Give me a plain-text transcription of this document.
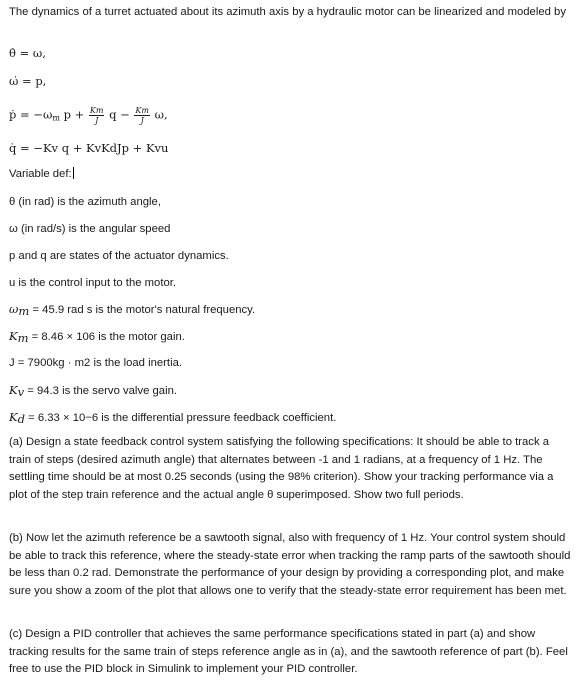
The dynamics of a turret actuated about its azimuth axis by a hydraulic motor can be linearized and modeled by
θ̇ = ω,
ω̇ = p,
ṗ = $-\omega_m$ $p + \frac{Km}{J}$ $q - \frac{Km}{J} \omega$,
q̇ = −Kv q + KvKdJp + Kvu
Variable def:
θ (in rad) is the azimuth angle,
ω (in rad/s) is the angular speed
p and q are states of the actuator dynamics.
u is the control input to the motor.
$\omega_m = 45.9$ rad s is the motor's natural frequency.
$K_m = 8.46 \times 106$ is the motor gain.
J = 7900kg · m2 is the load inertia.
$K_v = 94.3$ is the servo valve gain.
$K_d = 6.33 \times 10-6$ is the differential pressure feedback coefficient.
(a) Design a state feedback control system satisfying the following specifications: It should be able to track a train of steps (desired azimuth angle) that alternates between -1 and 1 radians, at a frequency of 1 Hz. The settling time should be at most 0.25 seconds (using the 98% criterion). Show your tracking performance via a plot of the step train reference and the actual angle θ superimposed. Show two full periods.
(b) Now let the azimuth reference be a sawtooth signal, also with frequency of 1 Hz. Your control system should be able to track this reference, where the steady-state error when tracking the ramp parts of the sawtooth should be less than 0.2 rad. Demonstrate the performance of your design by providing a corresponding plot, and make sure you show a zoom of the plot that allows one to verify that the steady-state error requirement has been met.
(c) Design a PID controller that achieves the same performance specifications stated in part (a) and show tracking results for the same train of steps reference angle as in (a), and the sawtooth reference of part (b). Feel free to use the PID block in Simulink to implement your PID controller.
